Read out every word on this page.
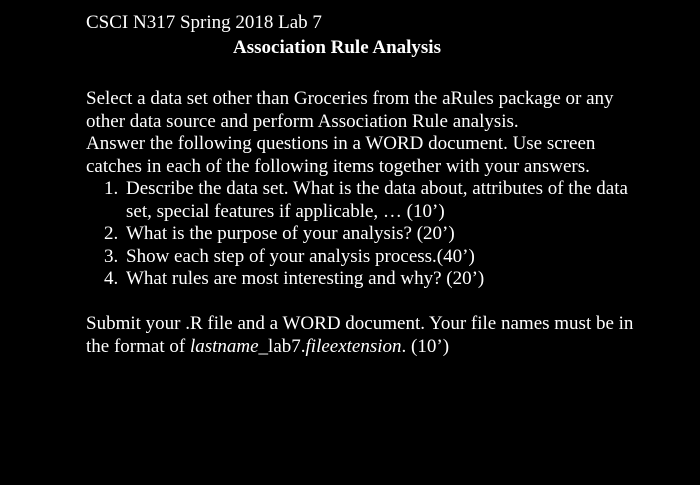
CSCI N317 Spring 2018 Lab 7
Association Rule Analysis

Select a data set other than Groceries from the aRules package or any other data source and perform Association Rule analysis.

Answer the following questions in a WORD document. Use screen catches in each of the following items together with your answers.

1. Describe the data set. What is the data about, attributes of the data set, special features if applicable, … (10’)
2. What is the purpose of your analysis? (20’)
3. Show each step of your analysis process.(40’)
4. What rules are most interesting and why? (20’)

Submit your .R file and a WORD document. Your file names must be in the format of lastname_lab7.fileextension. (10’)
